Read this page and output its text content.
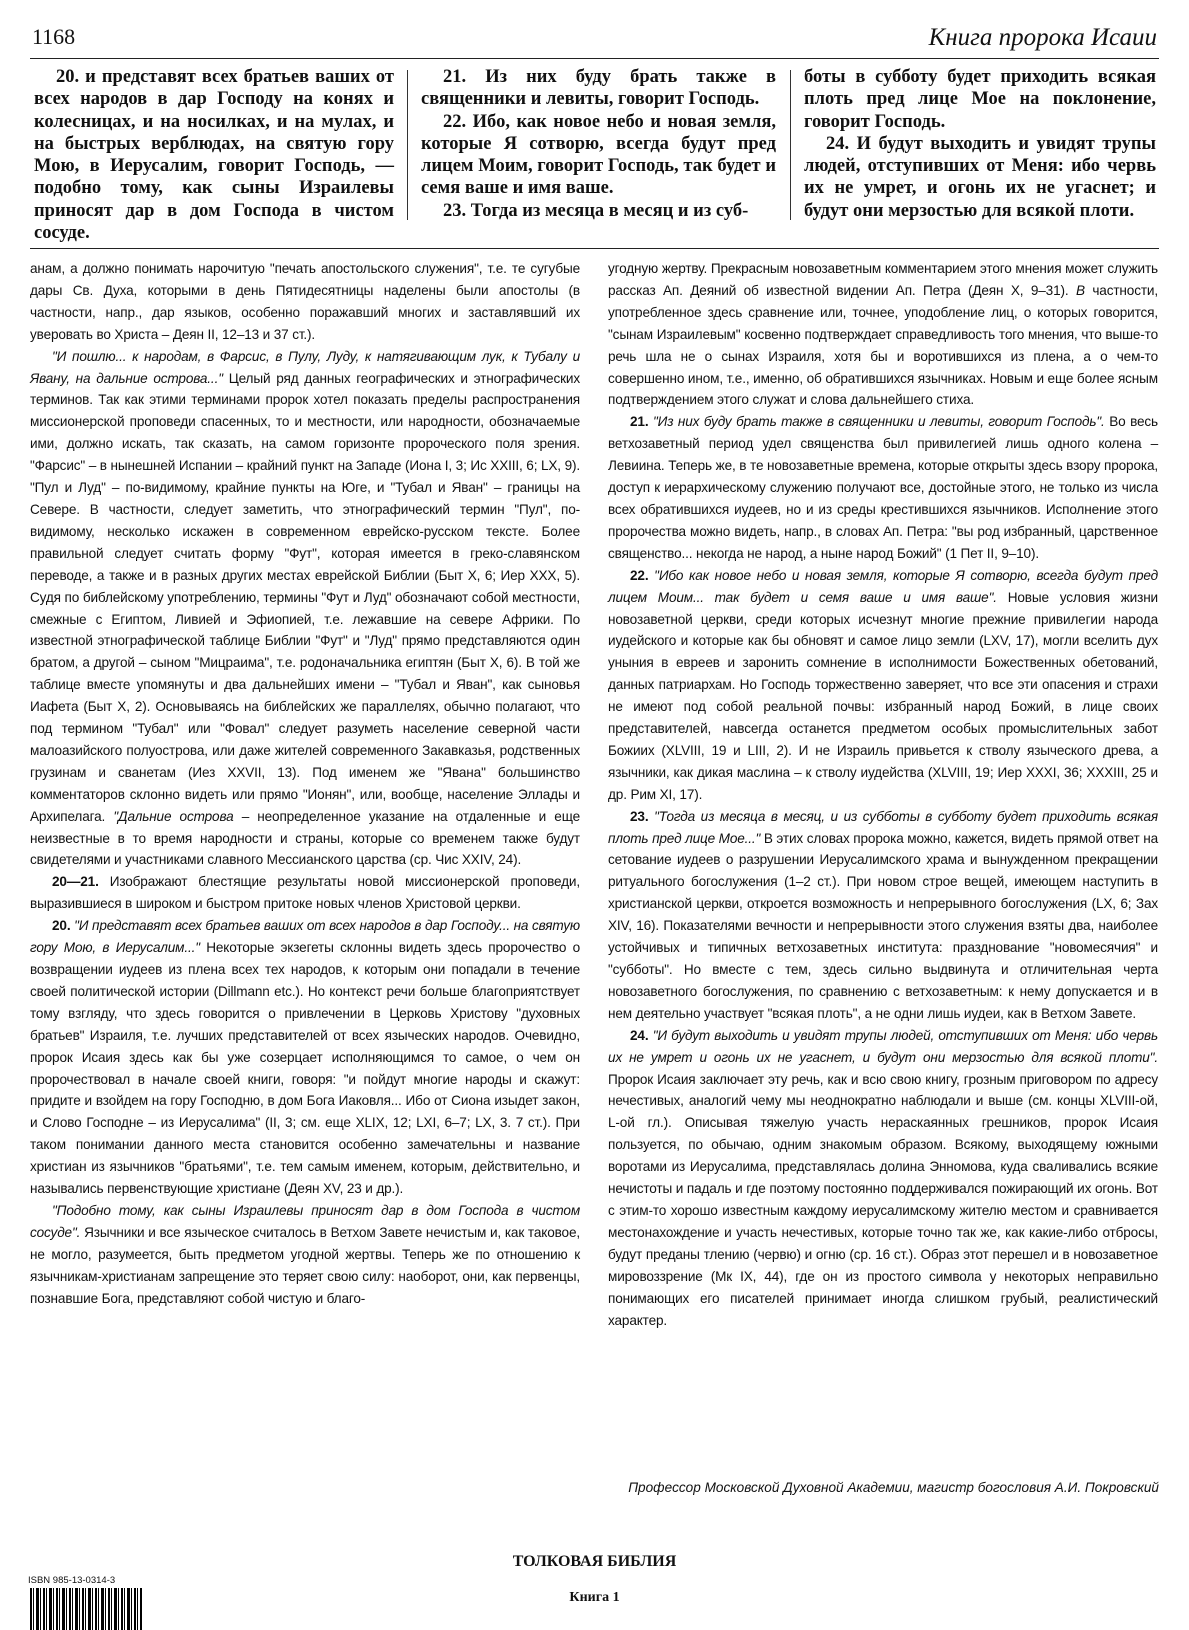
1168	Книга пророка Исаии

20. и представят всех братьев ваших от всех народов в дар Господу на конях и колесницах, и на носилках, и на мулах, и на быстрых верблюдах, на святую гору Мою, в Иерусалим, говорит Господь, — подобно тому, как сыны Израилевы приносят дар в дом Господа в чистом сосуде.

21. Из них буду брать также в священники и левиты, говорит Господь.

22. Ибо, как новое небо и новая земля, которые Я сотворю, всегда будут пред лицем Моим, говорит Господь, так будет и семя ваше и имя ваше.

23. Тогда из месяца в месяц и из суб-

боты в субботу будет приходить всякая плоть пред лице Мое на поклонение, говорит Господь.

24. И будут выходить и увидят трупы людей, отступивших от Меня: ибо червь их не умрет, и огонь их не угаснет; и будут они мерзостью для всякой плоти.

анам, а должно понимать нарочитую "печать апостольского служения", т.е. те сугубые дары Св. Духа, которыми в день Пятидесятницы наделены были апостолы (в частности, напр., дар языков, особенно поражавший многих и заставлявший их уверовать во Христа – Деян II, 12–13 и 37 ст.).

"И пошлю... к народам, в Фарсис, в Пулу, Луду, к натягивающим лук, к Тубалу и Явану, на дальние острова..." Целый ряд данных географических и этнографических терминов. Так как этими терминами пророк хотел показать пределы распространения миссионерской проповеди спасенных, то и местности, или народности, обозначаемые ими, должно искать, так сказать, на самом горизонте пророческого поля зрения. "Фарсис" – в нынешней Испании – крайний пункт на Западе (Иона I, 3; Ис XXIII, 6; LX, 9). "Пул и Луд" – по-видимому, крайние пункты на Юге, и "Тубал и Яван" – границы на Севере. В частности, следует заметить, что этнографический термин "Пул", по-видимому, несколько искажен в современном еврейско-русском тексте. Более правильной следует считать форму "Фут", которая имеется в греко-славянском переводе, а также и в разных других местах еврейской Библии (Быт X, 6; Иер XXX, 5). Судя по библейскому употреблению, термины "Фут и Луд" обозначают собой местности, смежные с Египтом, Ливией и Эфиопией, т.е. лежавшие на севере Африки. По известной этнографической таблице Библии "Фут" и "Луд" прямо представляются один братом, а другой – сыном "Мицраима", т.е. родоначальника египтян (Быт X, 6). В той же таблице вместе упомянуты и два дальнейших имени – "Тубал и Яван", как сыновья Иафета (Быт X, 2). Основываясь на библейских же параллелях, обычно полагают, что под термином "Тубал" или "Фовал" следует разуметь население северной части малоазийского полуострова, или даже жителей современного Закавказья, родственных грузинам и сванетам (Иез XXVII, 13). Под именем же "Явана" большинство комментаторов склонно видеть или прямо "Ионян", или, вообще, население Эллады и Архипелага. "Дальние острова – неопределенное указание на отдаленные и еще неизвестные в то время народности и страны, которые со временем также будут свидетелями и участниками славного Мессианского царства (ср. Чис XXIV, 24).

20—21. Изображают блестящие результаты новой миссионерской проповеди, выразившиеся в широком и быстром притоке новых членов Христовой церкви.

20. "И представят всех братьев ваших от всех народов в дар Господу... на святую гору Мою, в Иерусалим..." Некоторые экзегеты склонны видеть здесь пророчество о возвращении иудеев из плена всех тех народов, к которым они попадали в течение своей политической истории (Dillmann etc.). Но контекст речи больше благоприятствует тому взгляду, что здесь говорится о привлечении в Церковь Христову "духовных братьев" Израиля, т.е. лучших представителей от всех языческих народов. Очевидно, пророк Исаия здесь как бы уже созерцает исполняющимся то самое, о чем он пророчествовал в начале своей книги, говоря: "и пойдут многие народы и скажут: придите и взойдем на гору Господню, в дом Бога Иаковля... Ибо от Сиона изыдет закон, и Слово Господне – из Иерусалима" (II, 3; см. еще XLIX, 12; LXI, 6–7; LX, 3. 7 ст.). При таком понимании данного места становится особенно замечательны и название христиан из язычников "братьями", т.е. тем самым именем, которым, действительно, и назывались первенствующие христиане (Деян XV, 23 и др.).

"Подобно тому, как сыны Израилевы приносят дар в дом Господа в чистом сосуде". Язычники и все языческое считалось в Ветхом Завете нечистым и, как таковое, не могло, разумеется, быть предметом угодной жертвы. Теперь же по отношению к язычникам-христианам запрещение это теряет свою силу: наоборот, они, как первенцы, познавшие Бога, представляют собой чистую и благо-

угодную жертву. Прекрасным новозаветным комментарием этого мнения может служить рассказ Ап. Деяний об известной видении Ап. Петра (Деян X, 9–31). В частности, употребленное здесь сравнение или, точнее, уподобление лиц, о которых говорится, "сынам Израилевым" косвенно подтверждает справедливость того мнения, что выше-то речь шла не о сынах Израиля, хотя бы и воротившихся из плена, а о чем-то совершенно ином, т.е., именно, об обратившихся язычниках. Новым и еще более ясным подтверждением этого служат и слова дальнейшего стиха.

21. "Из них буду брать также в священники и левиты, говорит Господь". Во весь ветхозаветный период удел священства был привилегией лишь одного колена – Левиина. Теперь же, в те новозаветные времена, которые открыты здесь взору пророка, доступ к иерархическому служению получают все, достойные этого, не только из числа всех обратившихся иудеев, но и из среды крестившихся язычников. Исполнение этого пророчества можно видеть, напр., в словах Ап. Петра: "вы род избранный, царственное священство... некогда не народ, а ныне народ Божий" (1 Пет II, 9–10).

22. "Ибо как новое небо и новая земля, которые Я сотворю, всегда будут пред лицем Моим... так будет и семя ваше и имя ваше". Новые условия жизни новозаветной церкви, среди которых исчезнут многие прежние привилегии народа иудейского и которые как бы обновят и самое лицо земли (LXV, 17), могли вселить дух уныния в евреев и заронить сомнение в исполнимости Божественных обетований, данных патриархам. Но Господь торжественно заверяет, что все эти опасения и страхи не имеют под собой реальной почвы: избранный народ Божий, в лице своих представителей, навсегда останется предметом особых промыслительных забот Божиих (XLVIII, 19 и LIII, 2). И не Израиль привьется к стволу языческого древа, а язычники, как дикая маслина – к стволу иудейства (XLVIII, 19; Иер XXXI, 36; XXXIII, 25 и др. Рим XI, 17).

23. "Тогда из месяца в месяц, и из субботы в субботу будет приходить всякая плоть пред лице Мое..." В этих словах пророка можно, кажется, видеть прямой ответ на сетование иудеев о разрушении Иерусалимского храма и вынужденном прекращении ритуального богослужения (1–2 ст.). При новом строе вещей, имеющем наступить в христианской церкви, откроется возможность и непрерывного богослужения (LX, 6; Зах XIV, 16). Показателями вечности и непрерывности этого служения взяты два, наиболее устойчивых и типичных ветхозаветных института: празднование "новомесячия" и "субботы". Но вместе с тем, здесь сильно выдвинута и отличительная черта новозаветного богослужения, по сравнению с ветхозаветным: к нему допускается и в нем деятельно участвует "всякая плоть", а не одни лишь иудеи, как в Ветхом Завете.

24. "И будут выходить и увидят трупы людей, отступивших от Меня: ибо червь их не умрет и огонь их не угаснет, и будут они мерзостью для всякой плоти". Пророк Исаия заключает эту речь, как и всю свою книгу, грозным приговором по адресу нечестивых, аналогий чему мы неоднократно наблюдали и выше (см. концы XLVIII-ой, L-ой гл.). Описывая тяжелую участь нераскаянных грешников, пророк Исаия пользуется, по обычаю, одним знакомым образом. Всякому, выходящему южными воротами из Иерусалима, представлялась долина Энномова, куда сваливались всякие нечистоты и падаль и где поэтому постоянно поддерживался пожирающий их огонь. Вот с этим-то хорошо известным каждому иерусалимскому жителю местом и сравнивается местонахождение и участь нечестивых, которые точно так же, как какие-либо отбросы, будут преданы тлению (червю) и огню (ср. 16 ст.). Образ этот перешел и в новозаветное мировоззрение (Мк IX, 44), где он из простого символа у некоторых неправильно понимающих его писателей принимает иногда слишком грубый, реалистический характер.

Профессор Московской Духовной Академии, магистр богословия А.И. Покровский
ТОЛКОВАЯ БИБЛИЯ
Книга 1
ISBN 985-13-0314-3
